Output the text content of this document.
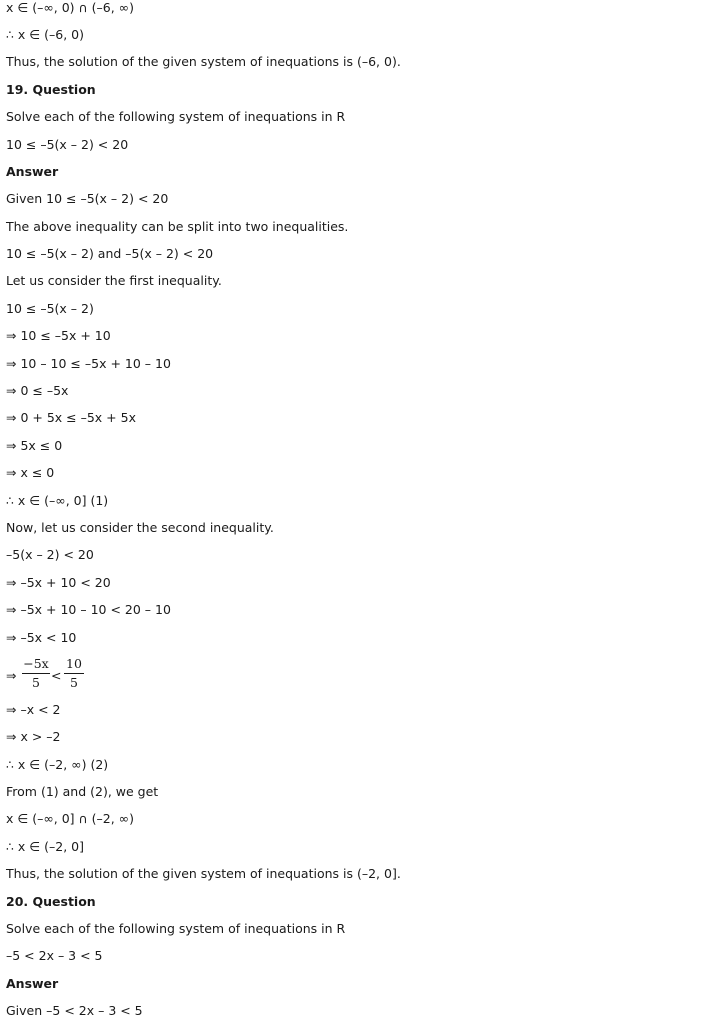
x ∈ (–∞, 0) ∩ (–6, ∞)
∴ x ∈ (–6, 0)
Thus, the solution of the given system of inequations is (–6, 0).
19. Question
Solve each of the following system of inequations in R
10 ≤ –5(x – 2) < 20
Answer
Given 10 ≤ –5(x – 2) < 20
The above inequality can be split into two inequalities.
10 ≤ –5(x – 2) and –5(x – 2) < 20
Let us consider the first inequality.
10 ≤ –5(x – 2)
⇒ 10 ≤ –5x + 10
⇒ 10 – 10 ≤ –5x + 10 – 10
⇒ 0 ≤ –5x
⇒ 0 + 5x ≤ –5x + 5x
⇒ 5x ≤ 0
⇒ x ≤ 0
∴ x ∈ (–∞, 0] (1)
Now, let us consider the second inequality.
–5(x – 2) < 20
⇒ –5x + 10 < 20
⇒ –5x + 10 – 10 < 20 – 10
⇒ –5x < 10
⇒ $\frac{-5x}{5} < \frac{10}{5}$
⇒ –x < 2
⇒ x > –2
∴ x ∈ (–2, ∞) (2)
From (1) and (2), we get
x ∈ (–∞, 0] ∩ (–2, ∞)
∴ x ∈ (–2, 0]
Thus, the solution of the given system of inequations is (–2, 0].
20. Question
Solve each of the following system of inequations in R
–5 < 2x – 3 < 5
Answer
Given –5 < 2x – 3 < 5
